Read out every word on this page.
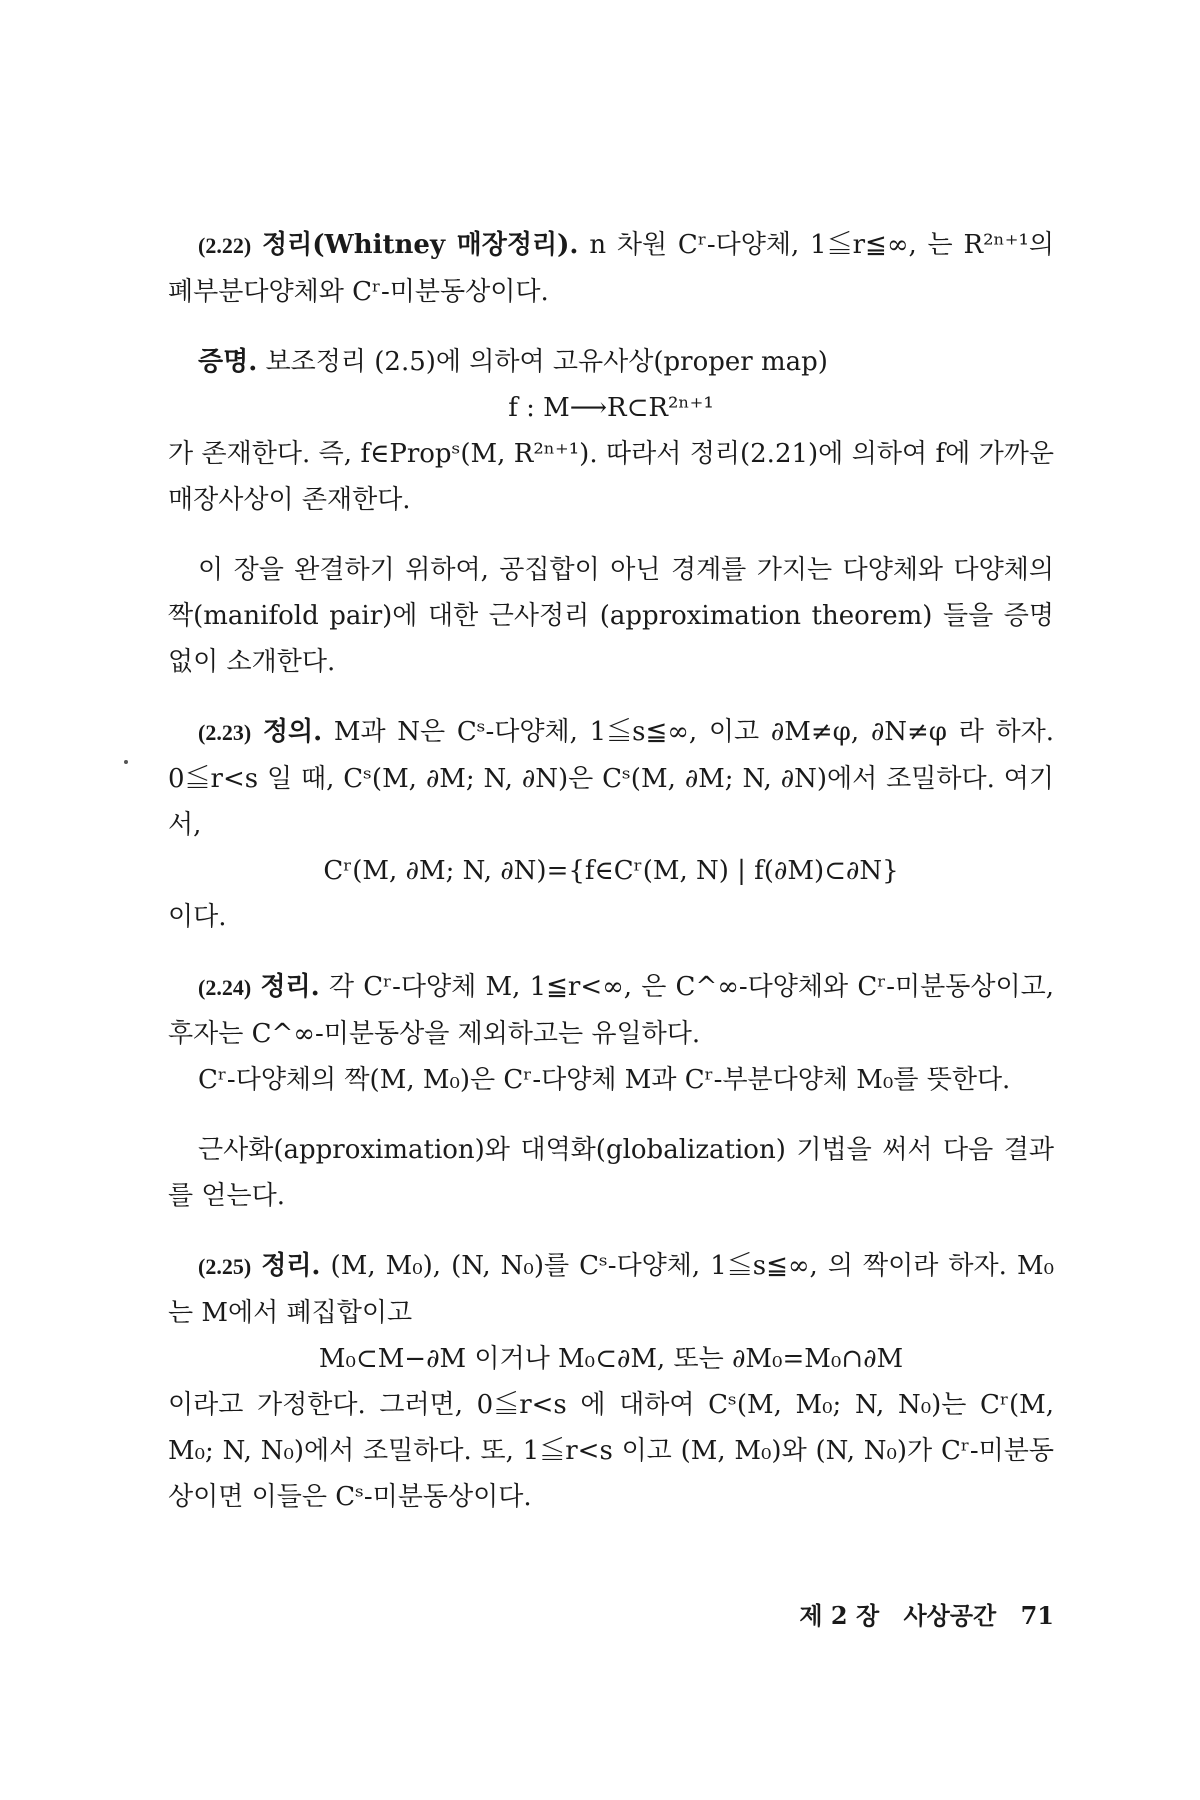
(2.22) 정리(Whitney 매장정리). n 차원 Cʳ-다양체, 1≦r≦∞, 는 R²ⁿ⁺¹의 폐부분다양체와 Cʳ-미분동상이다.

증명. 보조정리 (2.5)에 의하여 고유사상(proper map)

f : M⟶R⊂R²ⁿ⁺¹

가 존재한다. 즉, f∈Propˢ(M, R²ⁿ⁺¹). 따라서 정리(2.21)에 의하여 f에 가까운 매장사상이 존재한다.

이 장을 완결하기 위하여, 공집합이 아닌 경계를 가지는 다양체와 다양체의 짝(manifold pair)에 대한 근사정리 (approximation theorem) 들을 증명없이 소개한다.

(2.23) 정의. M과 N은 Cˢ-다양체, 1≦s≦∞, 이고 ∂M≠φ, ∂N≠φ 라 하자. 0≦r<s 일 때, Cˢ(M, ∂M; N, ∂N)은 Cˢ(M, ∂M; N, ∂N)에서 조밀하다. 여기서,

Cʳ(M, ∂M; N, ∂N)={f∈Cʳ(M, N) | f(∂M)⊂∂N}

이다.

(2.24) 정리. 각 Cʳ-다양체 M, 1≦r<∞, 은 C^∞-다양체와 Cʳ-미분동상이고, 후자는 C^∞-미분동상을 제외하고는 유일하다.

Cʳ-다양체의 짝(M, M₀)은 Cʳ-다양체 M과 Cʳ-부분다양체 M₀를 뜻한다.

근사화(approximation)와 대역화(globalization) 기법을 써서 다음 결과를 얻는다.

(2.25) 정리. (M, M₀), (N, N₀)를 Cˢ-다양체, 1≦s≦∞, 의 짝이라 하자. M₀는 M에서 폐집합이고

M₀⊂M−∂M 이거나 M₀⊂∂M, 또는 ∂M₀=M₀∩∂M

이라고 가정한다. 그러면, 0≦r<s 에 대하여 Cˢ(M, M₀; N, N₀)는 Cʳ(M, M₀; N, N₀)에서 조밀하다. 또, 1≦r<s 이고 (M, M₀)와 (N, N₀)가 Cʳ-미분동상이면 이들은 Cˢ-미분동상이다.

제 2 장 사상공간 71
